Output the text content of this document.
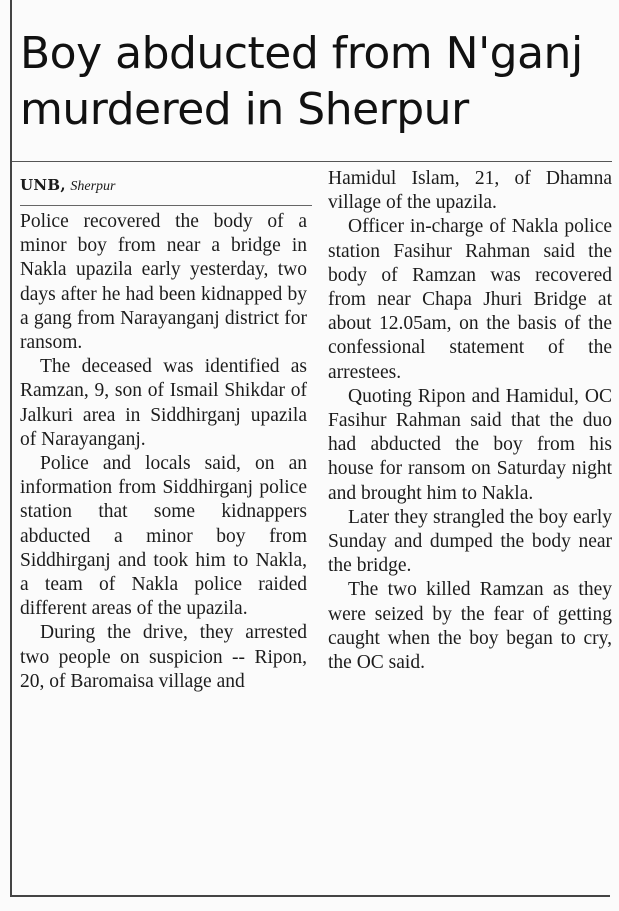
Boy abducted from N'ganj
murdered in Sherpur
UNB, Sherpur

Police recovered the body of a minor boy from near a bridge in Nakla upazila early yesterday, two days after he had been kidnapped by a gang from Narayanganj district for ransom.

The deceased was identified as Ramzan, 9, son of Ismail Shikdar of Jalkuri area in Siddhirganj upazila of Narayanganj.

Police and locals said, on an information from Siddhirganj police station that some kidnappers abducted a minor boy from Siddhirganj and took him to Nakla, a team of Nakla police raided different areas of the upazila.

During the drive, they arrested two people on suspicion -- Ripon, 20, of Baromaisa village and

Hamidul Islam, 21, of Dhamna village of the upazila.

Officer in-charge of Nakla police station Fasihur Rahman said the body of Ramzan was recovered from near Chapa Jhuri Bridge at about 12.05am, on the basis of the confessional statement of the arrestees.

Quoting Ripon and Hamidul, OC Fasihur Rahman said that the duo had abducted the boy from his house for ransom on Saturday night and brought him to Nakla.

Later they strangled the boy early Sunday and dumped the body near the bridge.

The two killed Ramzan as they were seized by the fear of getting caught when the boy began to cry, the OC said.
